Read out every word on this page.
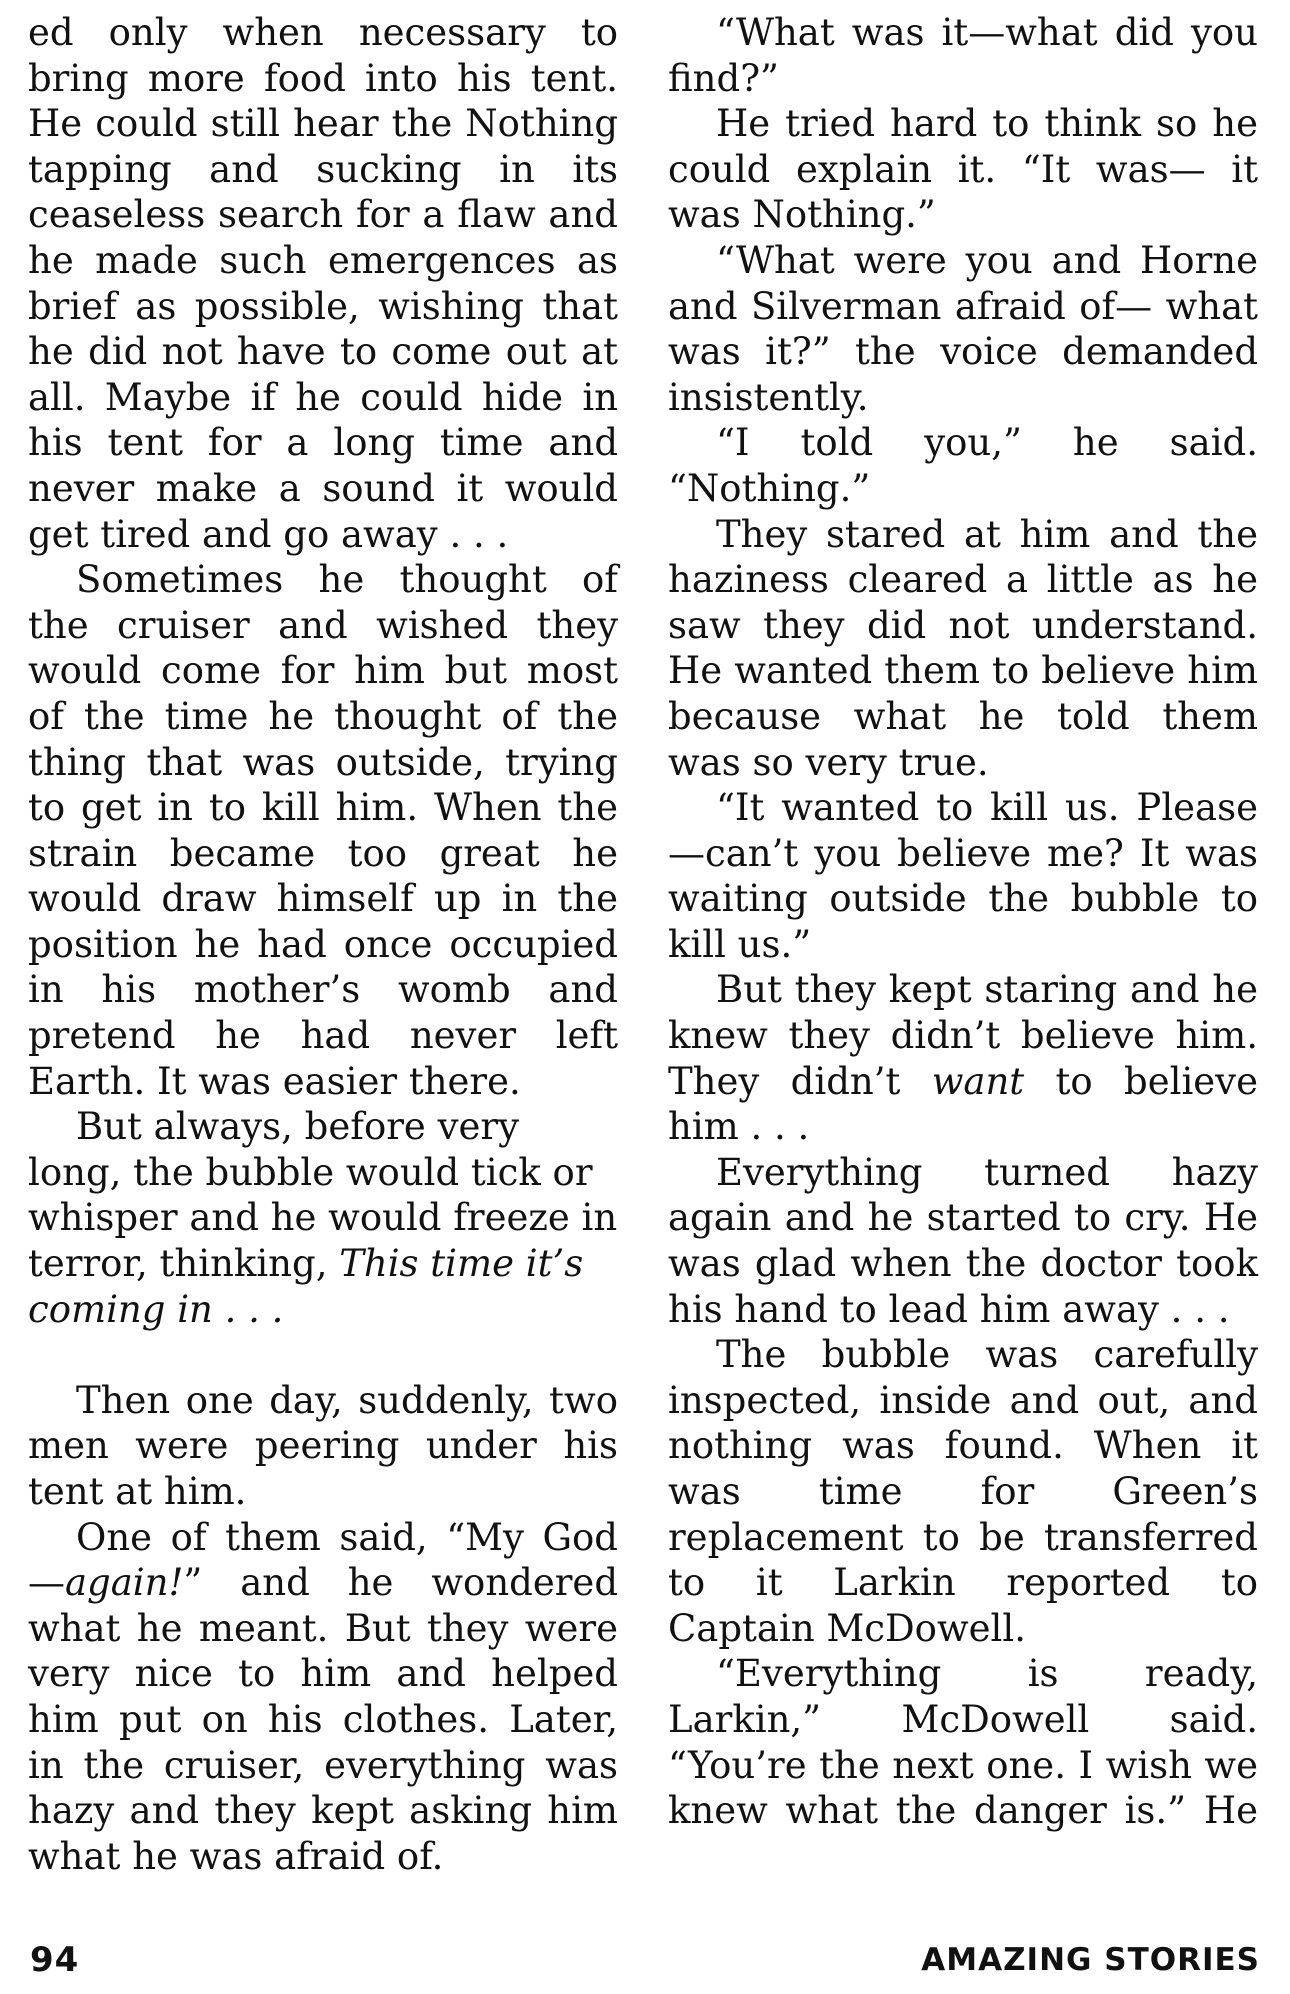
ed only when necessary to bring more food into his tent. He could still hear the Nothing tapping and sucking in its ceaseless search for a flaw and he made such emergences as brief as possible, wishing that he did not have to come out at all. Maybe if he could hide in his tent for a long time and never make a sound it would get tired and go away . . .

Sometimes he thought of the cruiser and wished they would come for him but most of the time he thought of the thing that was outside, trying to get in to kill him. When the strain became too great he would draw himself up in the position he had once occupied in his mother’s womb and pretend he had never left Earth. It was easier there.

But always, before very long, the bubble would tick or whisper and he would freeze in terror, thinking, This time it’s coming in . . .

Then one day, suddenly, two men were peering under his tent at him.

One of them said, “My God —again!” and he wondered what he meant. But they were very nice to him and helped him put on his clothes. Later, in the cruiser, everything was hazy and they kept asking him what he was afraid of.

“What was it—what did you find?”

He tried hard to think so he could explain it. “It was— it was Nothing.”

“What were you and Horne and Silverman afraid of— what was it?” the voice demanded insistently.

“I told you,” he said. “Nothing.”

They stared at him and the haziness cleared a little as he saw they did not understand. He wanted them to believe him because what he told them was so very true.

“It wanted to kill us. Please —can’t you believe me? It was waiting outside the bubble to kill us.”

But they kept staring and he knew they didn’t believe him. They didn’t want to believe him . . .

Everything turned hazy again and he started to cry. He was glad when the doctor took his hand to lead him away . . .

The bubble was carefully inspected, inside and out, and nothing was found. When it was time for Green’s replacement to be transferred to it Larkin reported to Captain McDowell.

“Everything is ready, Larkin,” McDowell said. “You’re the next one. I wish we knew what the danger is.” He

94	AMAZING STORIES
